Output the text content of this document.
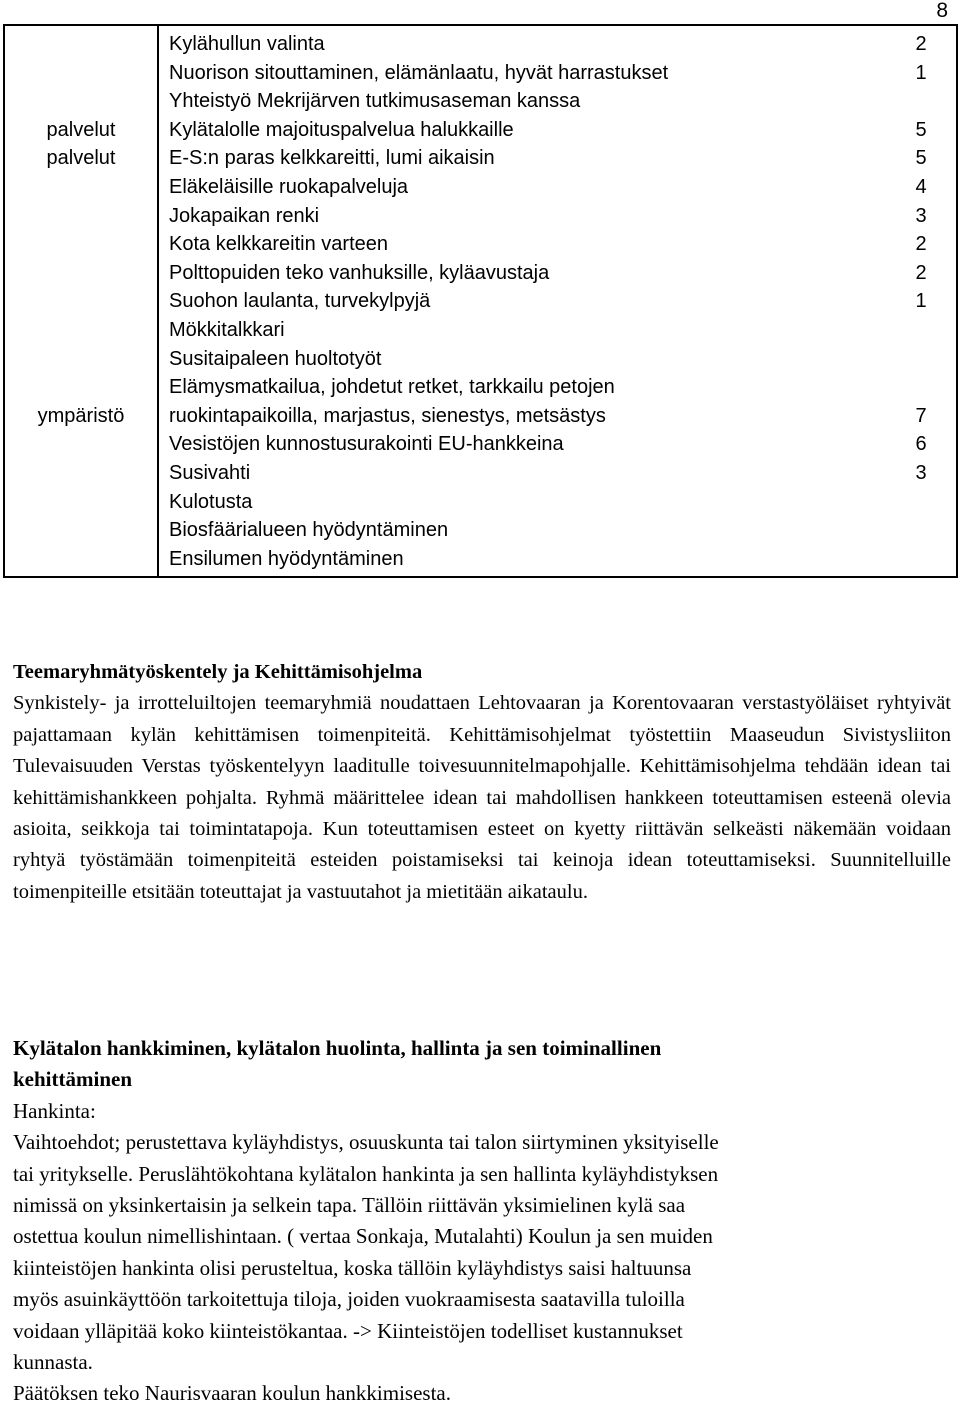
8

	Kylähullun valinta	2

	Nuorison sitouttaminen, elämänlaatu, hyvät harrastukset	1

	Yhteistyö Mekrijärven tutkimusaseman kanssa	

palvelut	Kylätalolle majoituspalvelua halukkaille	5
palvelut	E-S:n paras kelkkareitti, lumi aikaisin	5

	Eläkeläisille ruokapalveluja	4

	Jokapaikan renki	3

	Kota kelkkareitin varteen	2

	Polttopuiden teko vanhuksille, kyläavustaja	2

	Suohon laulanta, turvekylpyjä	1

	Mökkitalkkari	

	Susitaipaleen huoltotyöt	

ympäristö	Elämysmatkailua, johdetut retket, tarkkailu petojen
ruokintapaikoilla, marjastus, sienestys, metsästys	7

	Vesistöjen kunnostusurakointi EU-hankkeina	6

	Susivahti	3

	Kulotusta	

	Biosfäärialueen hyödyntäminen	

	Ensilumen hyödyntäminen	

Teemaryhmätyöskentely ja Kehittämisohjelma

Synkistely- ja irrotteluiltojen teemaryhmiä noudattaen Lehtovaaran ja Korentovaaran verstastyöläiset ryhtyivät pajattamaan kylän kehittämisen toimenpiteitä. Kehittämisohjelmat työstettiin Maaseudun Sivistysliiton Tulevaisuuden Verstas työskentelyyn laaditulle toivesuunnitelmapohjalle. Kehittämisohjelma tehdään idean tai kehittämishankkeen pohjalta. Ryhmä määrittelee idean tai mahdollisen hankkeen toteuttamisen esteenä olevia asioita, seikkoja tai toimintatapoja. Kun toteuttamisen esteet on kyetty riittävän selkeästi näkemään voidaan ryhtyä työstämään toimenpiteitä esteiden poistamiseksi tai keinoja idean toteuttamiseksi. Suunnitelluille toimenpiteille etsitään toteuttajat ja vastuutahot ja mietitään aikataulu.

Kylätalon hankkiminen, kylätalon huolinta, hallinta ja sen toiminallinen
kehittäminen

Hankinta:

Vaihtoehdot; perustettava kyläyhdistys, osuuskunta tai talon siirtyminen yksityiselle

tai yritykselle. Peruslähtökohtana kylätalon hankinta ja sen hallinta kyläyhdistyksen

nimissä on yksinkertaisin ja selkein tapa. Tällöin riittävän yksimielinen kylä saa

ostettua koulun nimellishintaan. ( vertaa Sonkaja, Mutalahti) Koulun ja sen muiden

kiinteistöjen hankinta olisi perusteltua, koska tällöin kyläyhdistys saisi haltuunsa

myös asuinkäyttöön tarkoitettuja tiloja, joiden vuokraamisesta saatavilla tuloilla

voidaan ylläpitää koko kiinteistökantaa. -> Kiinteistöjen todelliset kustannukset

kunnasta.

Päätöksen teko Naurisvaaran koulun hankkimisesta.
